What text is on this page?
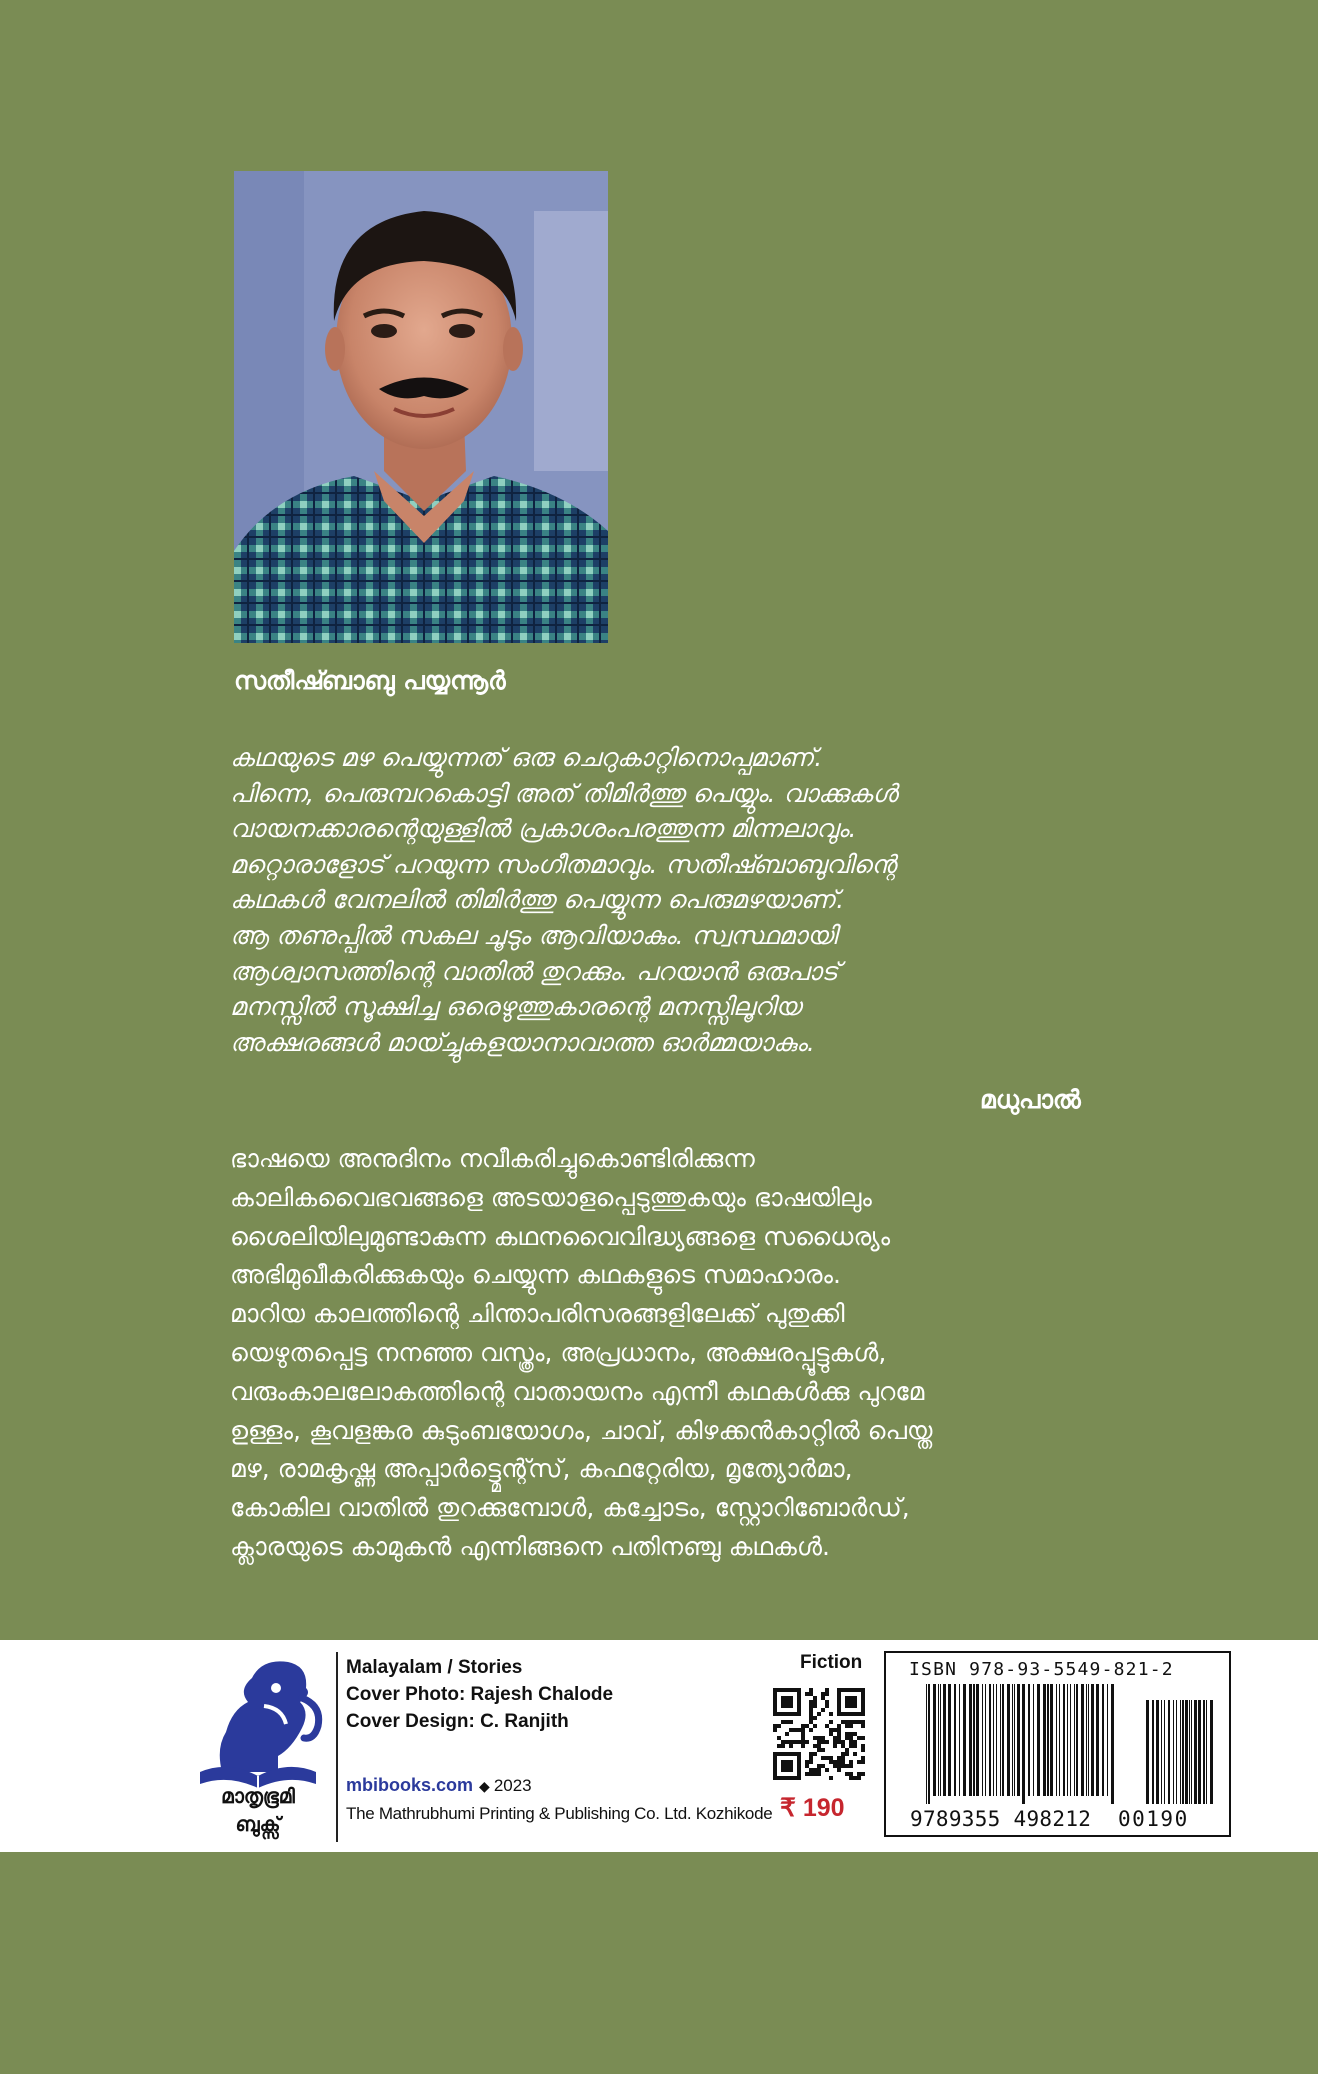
സതീഷ്ബാബു പയ്യന്നൂർ
കഥയുടെ മഴ പെയ്യുന്നത് ഒരു ചെറുകാറ്റിനൊപ്പമാണ്.
പിന്നെ, പെരുമ്പറകൊട്ടി അത് തിമിർത്തു പെയ്യും. വാക്കുകൾ
വായനക്കാരന്റെയുള്ളിൽ പ്രകാശംപരത്തുന്ന മിന്നലാവും.
മറ്റൊരാളോട് പറയുന്ന സംഗീതമാവും. സതീഷ്ബാബുവിന്റെ
കഥകൾ വേനലിൽ തിമിർത്തു പെയ്യുന്ന പെരുമഴയാണ്.
ആ തണുപ്പിൽ സകല ചൂടും ആവിയാകും. സ്വസ്ഥമായി
ആശ്വാസത്തിന്റെ വാതിൽ തുറക്കും. പറയാൻ ഒരുപാട്
മനസ്സിൽ സൂക്ഷിച്ച ഒരെഴുത്തുകാരന്റെ മനസ്സിലൂറിയ
അക്ഷരങ്ങൾ മായ്ച്ചുകളയാനാവാത്ത ഓർമ്മയാകും.
മധുപാൽ
ഭാഷയെ അനുദിനം നവീകരിച്ചുകൊണ്ടിരിക്കുന്ന
കാലികവൈഭവങ്ങളെ അടയാളപ്പെടുത്തുകയും ഭാഷയിലും
ശൈലിയിലുമുണ്ടാകുന്ന കഥനവൈവിദ്ധ്യങ്ങളെ സധൈര്യം
അഭിമുഖീകരിക്കുകയും ചെയ്യുന്ന കഥകളുടെ സമാഹാരം.
മാറിയ കാലത്തിന്റെ ചിന്താപരിസരങ്ങളിലേക്ക് പുതുക്കി
യെഴുതപ്പെട്ട നനഞ്ഞ വസ്ത്രം, അപ്രധാനം, അക്ഷരപ്പൂട്ടുകൾ,
വരുംകാലലോകത്തിന്റെ വാതായനം എന്നീ കഥകൾക്കു പുറമേ
ഉള്ളം, കൂവളങ്കര കുടുംബയോഗം, ചാവ്, കിഴക്കൻകാറ്റിൽ പെയ്ത
മഴ, രാമകൃഷ്ണ അപ്പാർട്ട്മെന്റ്സ്, കഫറ്റേരിയ, മൃത്യോർമാ,
കോകില വാതിൽ തുറക്കുമ്പോൾ, കച്ചോടം, സ്റ്റോറിബോർഡ്,
ക്ലാരയുടെ കാമുകൻ എന്നിങ്ങനെ പതിനഞ്ചു കഥകൾ.
മാതൃഭൂമി
ബുക്സ്
Malayalam / Stories
Cover Photo: Rajesh Chalode
Cover Design: C. Ranjith
mbibooks.com ◆ 2023
The Mathrubhumi Printing & Publishing Co. Ltd. Kozhikode
Fiction
₹ 190
ISBN 978-93-5549-821-2
9789355 498212 00190
